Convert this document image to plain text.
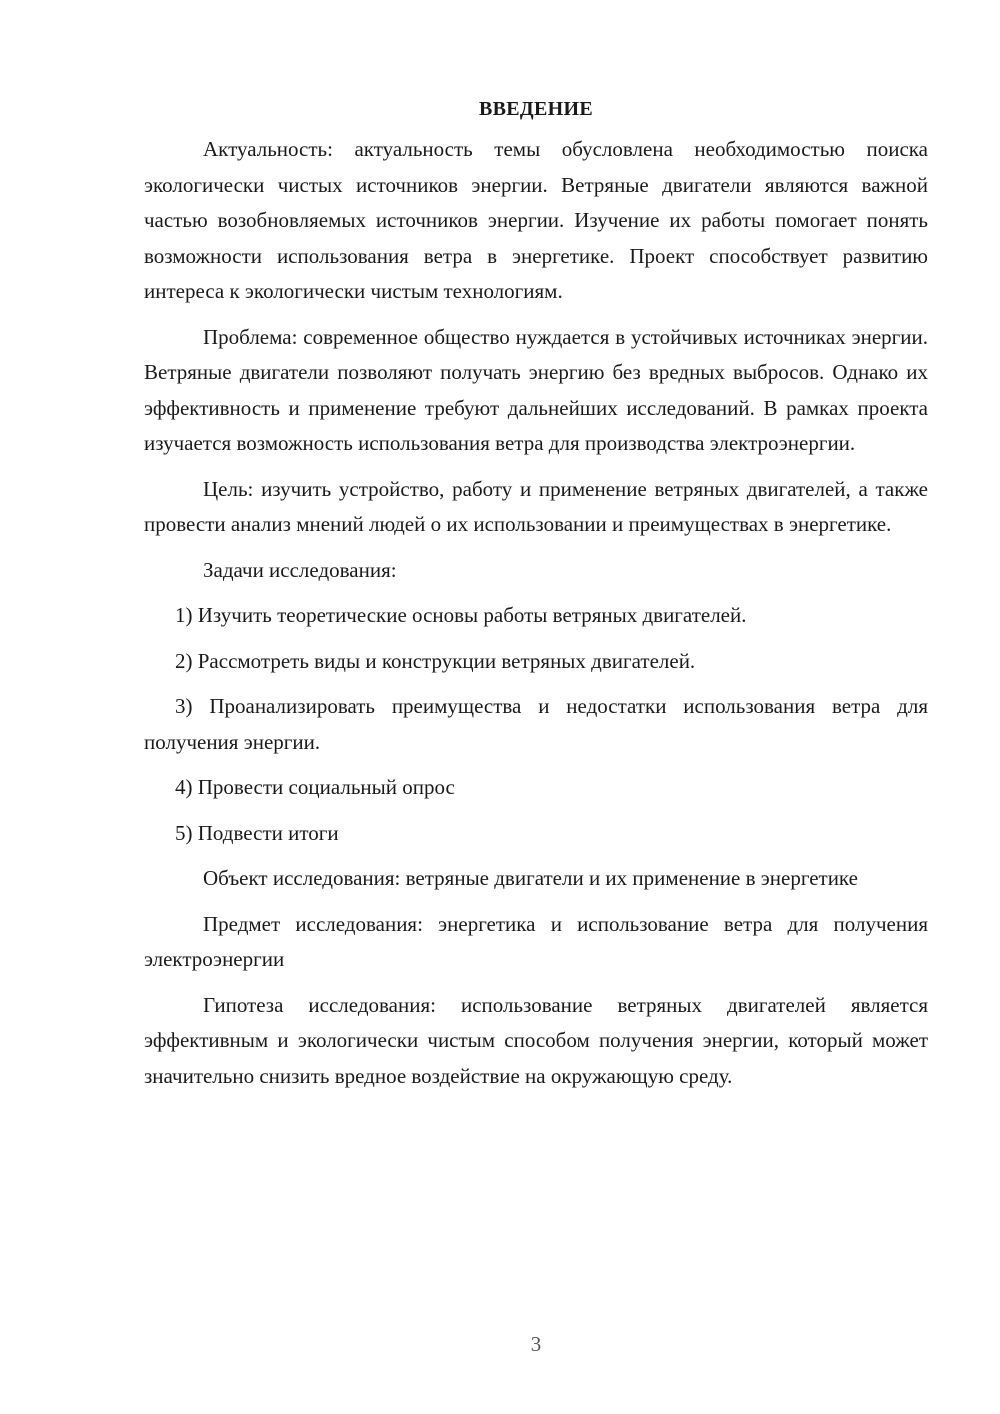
ВВЕДЕНИЕ

Актуальность: актуальность темы обусловлена необходимостью поиска экологически чистых источников энергии. Ветряные двигатели являются важной частью возобновляемых источников энергии. Изучение их работы помогает понять возможности использования ветра в энергетике. Проект способствует развитию интереса к экологически чистым технологиям.

Проблема: современное общество нуждается в устойчивых источниках энергии. Ветряные двигатели позволяют получать энергию без вредных выбросов. Однако их эффективность и применение требуют дальнейших исследований. В рамках проекта изучается возможность использования ветра для производства электроэнергии.

Цель: изучить устройство, работу и применение ветряных двигателей, а также провести анализ мнений людей о их использовании и преимуществах в энергетике.

Задачи исследования:

1) Изучить теоретические основы работы ветряных двигателей.

2) Рассмотреть виды и конструкции ветряных двигателей.

3) Проанализировать преимущества и недостатки использования ветра для получения энергии.

4) Провести социальный опрос

5) Подвести итоги

Объект исследования: ветряные двигатели и их применение в энергетике

Предмет исследования: энергетика и использование ветра для получения электроэнергии

Гипотеза исследования: использование ветряных двигателей является эффективным и экологически чистым способом получения энергии, который может значительно снизить вредное воздействие на окружающую среду.

3
